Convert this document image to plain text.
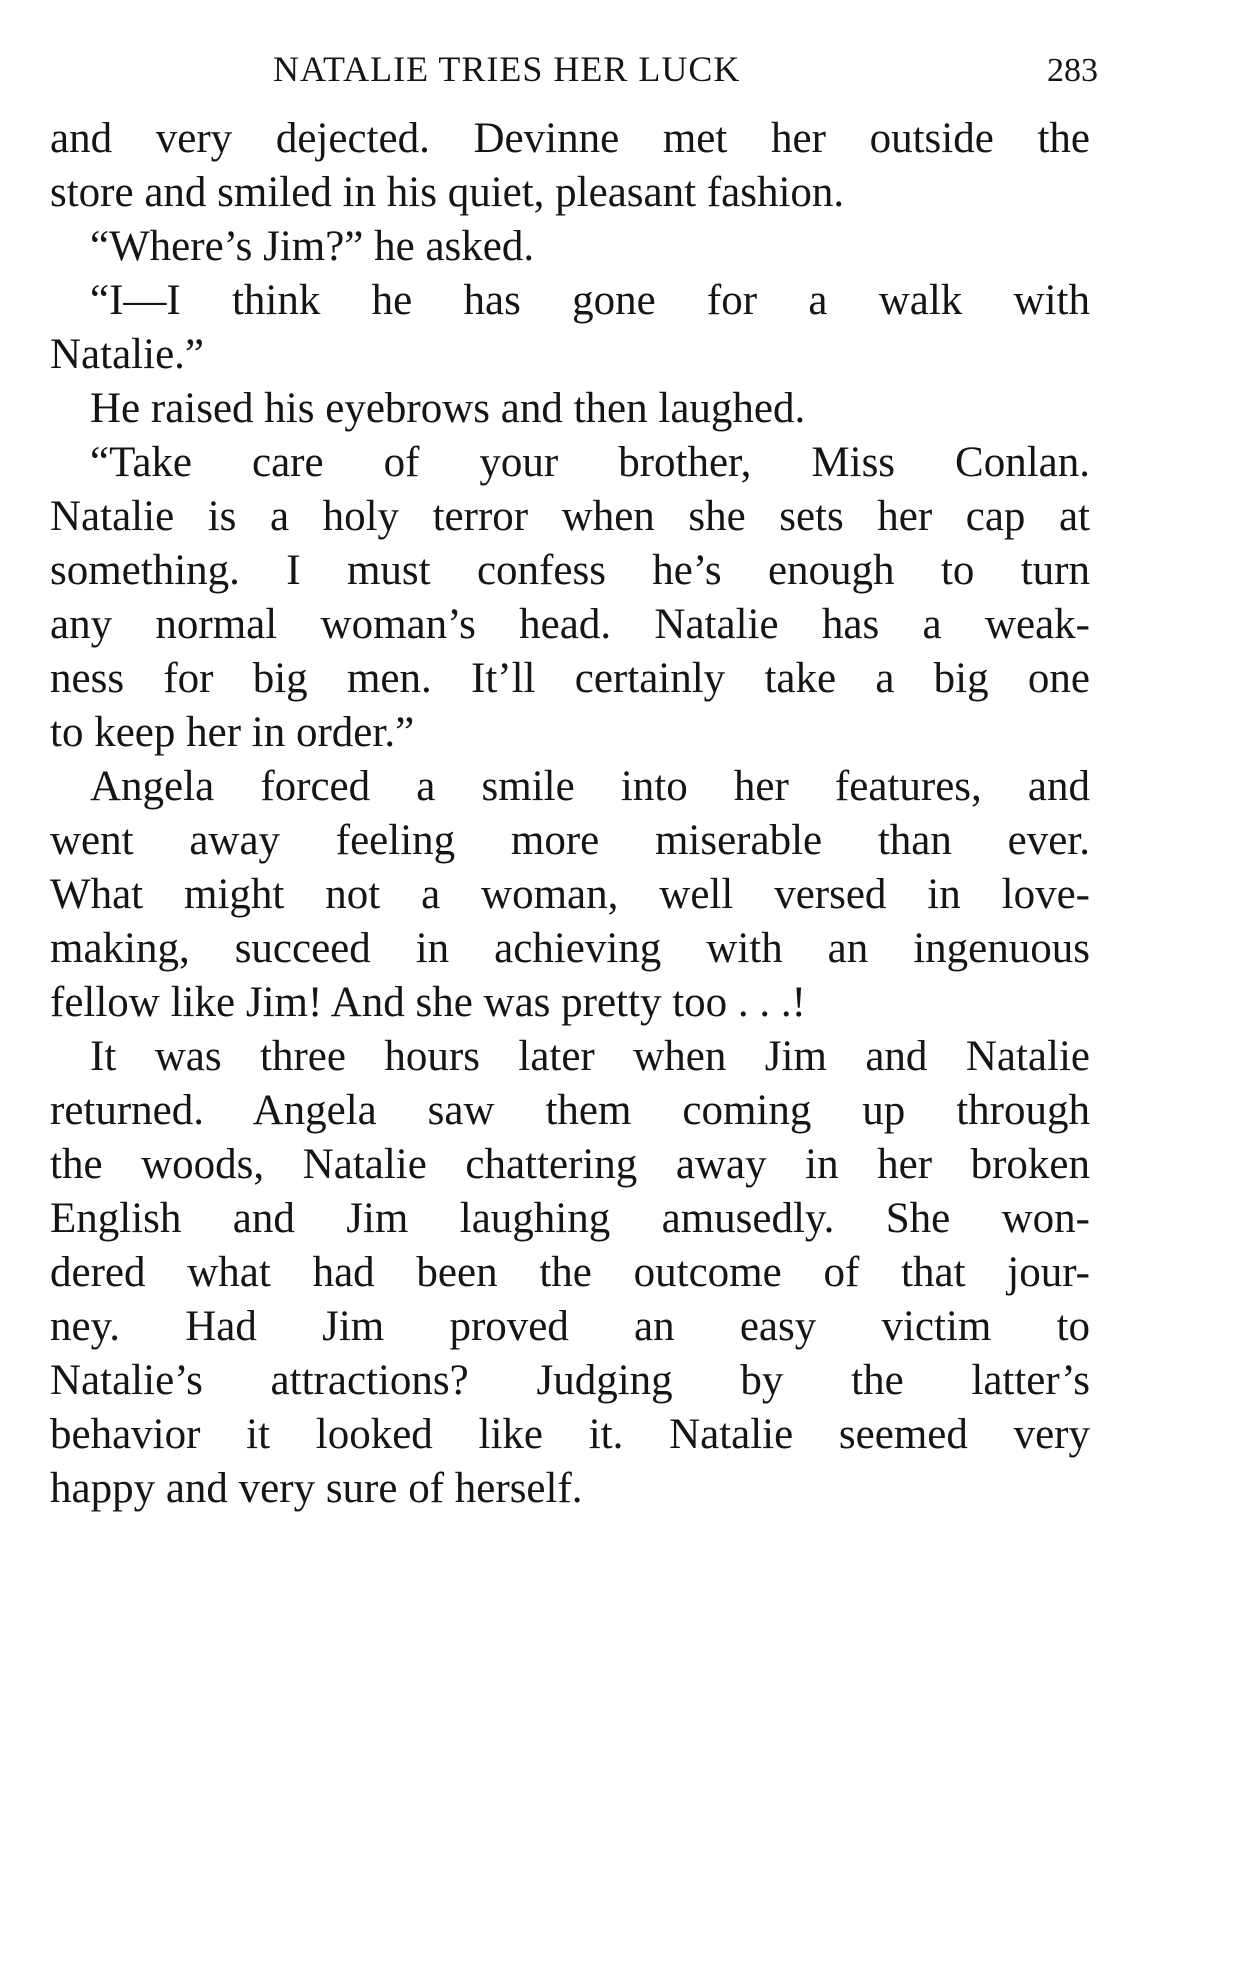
NATALIE TRIES HER LUCK	283
and very dejected. Devinne met her outside the
store and smiled in his quiet, pleasant fashion.
“Where’s Jim?” he asked.
“I—I think he has gone for a walk with
Natalie.”
He raised his eyebrows and then laughed.
“Take care of your brother, Miss Conlan.
Natalie is a holy terror when she sets her cap at
something. I must confess he’s enough to turn
any normal woman’s head. Natalie has a weak-
ness for big men. It’ll certainly take a big one
to keep her in order.”
Angela forced a smile into her features, and
went away feeling more miserable than ever.
What might not a woman, well versed in love-
making, succeed in achieving with an ingenuous
fellow like Jim! And she was pretty too . . .!
It was three hours later when Jim and Natalie
returned. Angela saw them coming up through
the woods, Natalie chattering away in her broken
English and Jim laughing amusedly. She won-
dered what had been the outcome of that jour-
ney. Had Jim proved an easy victim to
Natalie’s attractions? Judging by the latter’s
behavior it looked like it. Natalie seemed very
happy and very sure of herself.
